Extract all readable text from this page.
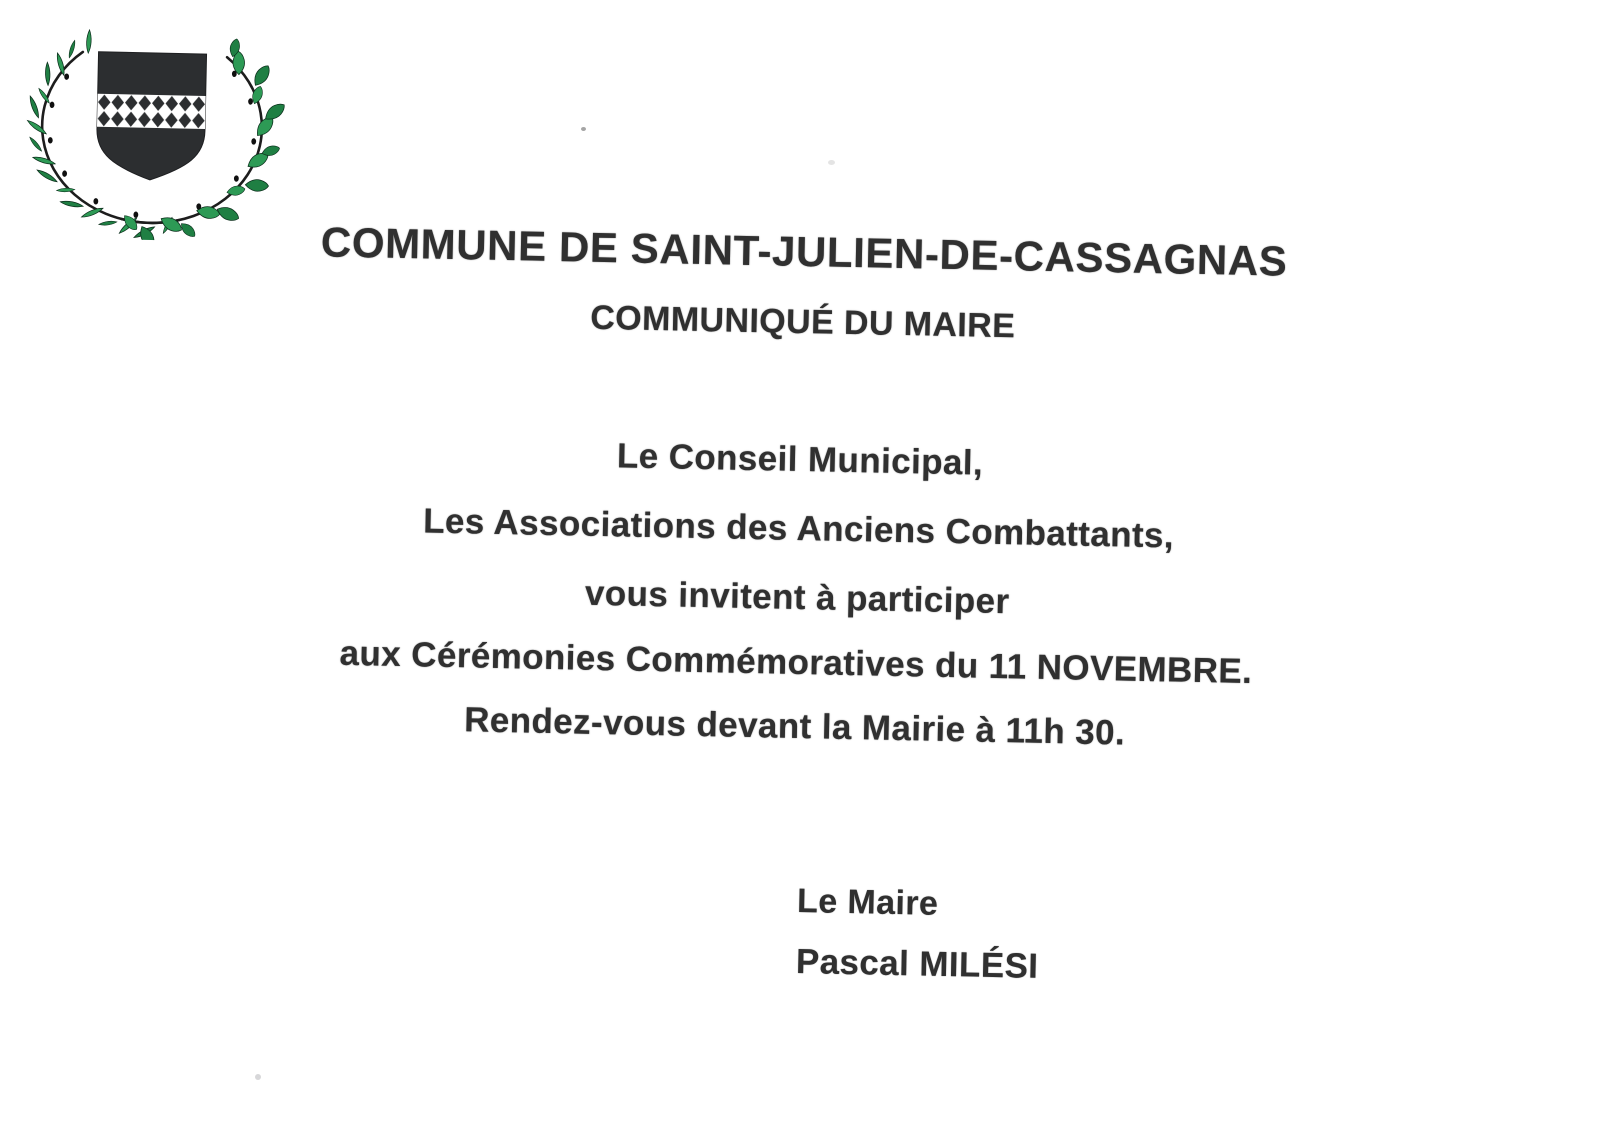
COMMUNE DE SAINT-JULIEN-DE-CASSAGNAS
COMMUNIQUÉ DU MAIRE
Le Conseil Municipal,
Les Associations des Anciens Combattants,
vous invitent à participer
aux Cérémonies Commémoratives du 11 NOVEMBRE.
Rendez-vous devant la Mairie à 11h 30.
Le Maire
Pascal MILÉSI
